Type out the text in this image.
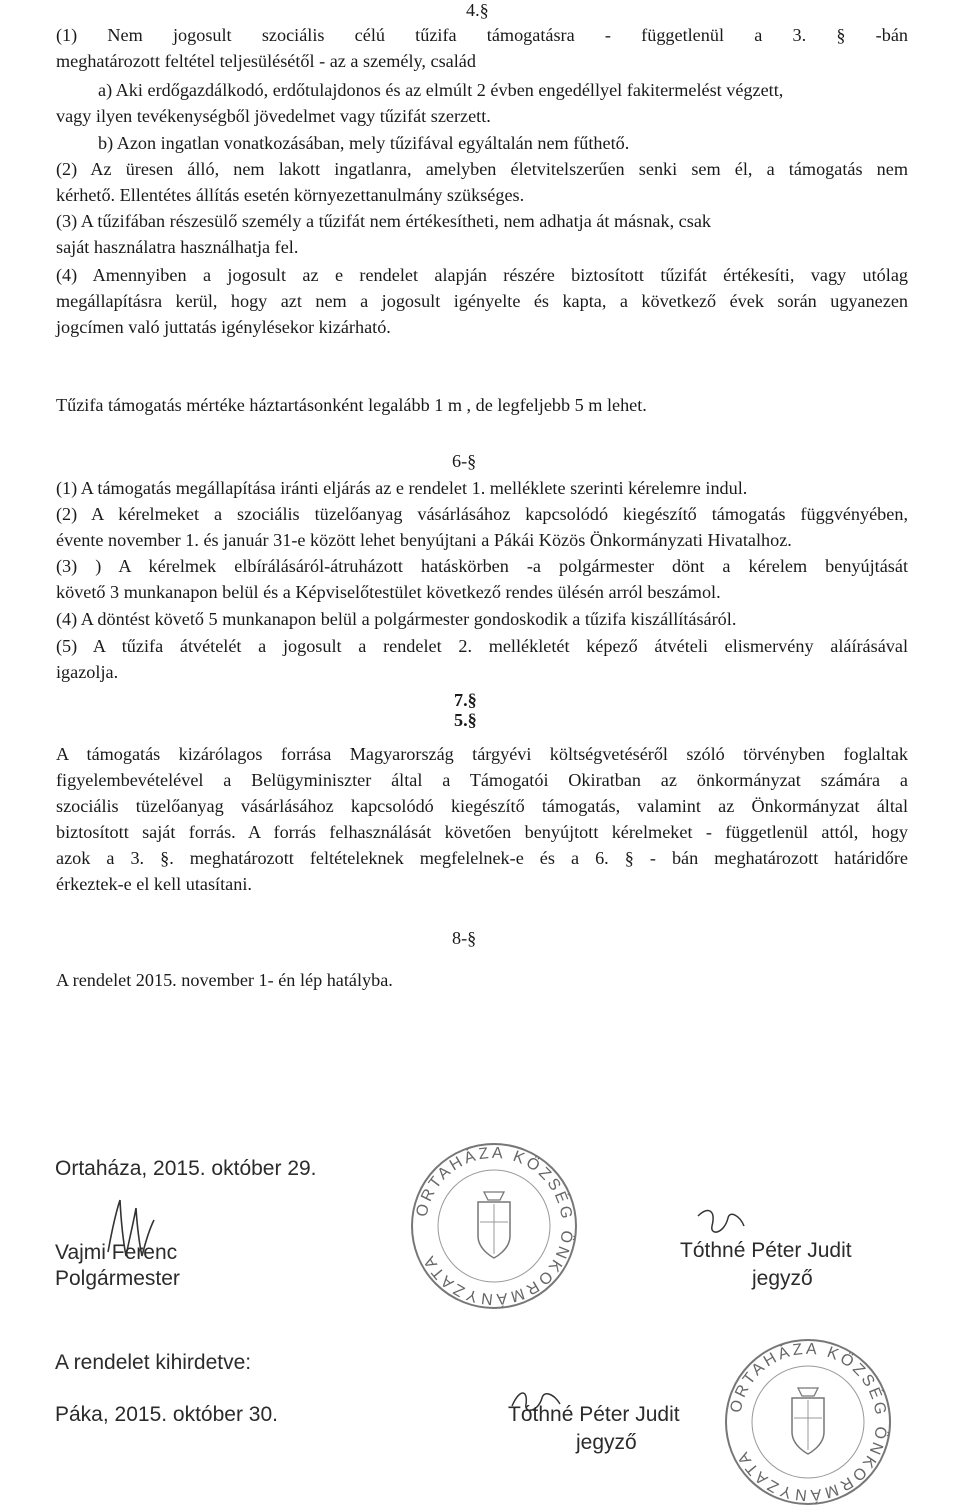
4.§
(1) Nem jogosult szociális célú tűzifa támogatásra - függetlenül a 3. § -bán
meghatározott feltétel teljesülésétől - az a személy, család
a) Aki erdőgazdálkodó, erdőtulajdonos és az elmúlt 2 évben engedéllyel fakitermelést végzett,
vagy ilyen tevékenységből jövedelmet vagy tűzifát szerzett.
b) Azon ingatlan vonatkozásában, mely tűzifával egyáltalán nem fűthető.
(2) Az üresen álló, nem lakott ingatlanra, amelyben életvitelszerűen senki sem él, a támogatás nem
kérhető. Ellentétes állítás esetén környezettanulmány szükséges.
(3) A tűzifában részesülő személy a tűzifát nem értékesítheti, nem adhatja át másnak, csak
saját használatra használhatja fel.
(4) Amennyiben a jogosult az e rendelet alapján részére biztosított tűzifát értékesíti, vagy utólag
megállapításra kerül, hogy azt nem a jogosult igényelte és kapta, a következő évek során ugyanezen
jogcímen való juttatás igénylésekor kizárható.
5.§
Tűzifa támogatás mértéke háztartásonként legalább 1 m , de legfeljebb 5 m lehet.
6-§
(1) A támogatás megállapítása iránti eljárás az e rendelet 1. melléklete szerinti kérelemre indul.
(2) A kérelmeket a szociális tüzelőanyag vásárlásához kapcsolódó kiegészítő támogatás függvényében,
évente november 1. és január 31-e között lehet benyújtani a Pákái Közös Önkormányzati Hivatalhoz.
(3) ) A kérelmek elbírálásáról-átruházott hatáskörben -a polgármester dönt a kérelem benyújtását
követő 3 munkanapon belül és a Képviselőtestület következő rendes ülésén arról beszámol.
(4) A döntést követő 5 munkanapon belül a polgármester gondoskodik a tűzifa kiszállításáról.
(5) A tűzifa átvételét a jogosult a rendelet 2. mellékletét képező átvételi elismervény aláírásával
igazolja.
7.§
A támogatás kizárólagos forrása Magyarország tárgyévi költségvetéséről szóló törvényben foglaltak
figyelembevételével a Belügyminiszter által a Támogatói Okiratban az önkormányzat számára a
szociális tüzelőanyag vásárlásához kapcsolódó kiegészítő támogatás, valamint az Önkormányzat által
biztosított saját forrás. A forrás felhasználását követően benyújtott kérelmeket - függetlenül attól, hogy
azok a 3. §. meghatározott feltételeknek megfelelnek-e és a 6. § - bán meghatározott határidőre
érkeztek-e el kell utasítani.
8-§
A rendelet 2015. november 1- én lép hatályba.
Ortaháza, 2015. október 29.
Vajmi Ferenc
Polgármester
ORTAHÁZA KÖZSÉG ÖNKORMÁNYZATA	Tóthné Péter Judit
jegyző
A rendelet kihirdetve:
Páka, 2015. október 30.	Tóthné Péter Judit
jegyző
ORTAHÁZA KÖZSÉG ÖNKORMÁNYZATA
